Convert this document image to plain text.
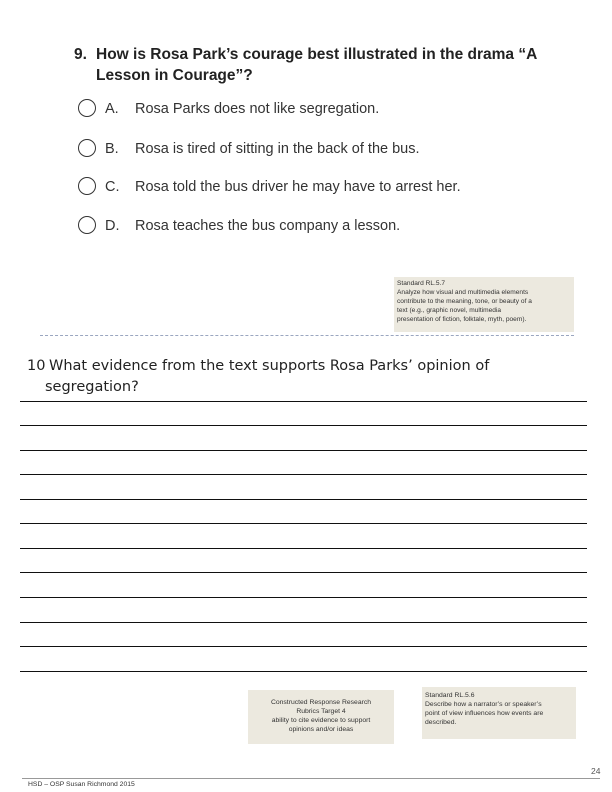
9. How is Rosa Park’s courage best illustrated in the drama “A
Lesson in Courage”?
A. Rosa Parks does not like segregation.
B. Rosa is tired of sitting in the back of the bus.
C. Rosa told the bus driver he may have to arrest her.
D. Rosa teaches the bus company a lesson.
Standard RL.5.7
Analyze how visual and multimedia elements
contribute to the meaning, tone, or beauty of a
text (e.g., graphic novel, multimedia
presentation of fiction, folktale, myth, poem).
10 What evidence from the text supports Rosa Parks’ opinion of
segregation?
Constructed Response Research
Rubrics Target 4
ability to cite evidence to support
opinions and/or ideas
Standard RL.5.6
Describe how a narrator’s or speaker’s
point of view influences how events are
described.
24
HSD – OSP Susan Richmond 2015
